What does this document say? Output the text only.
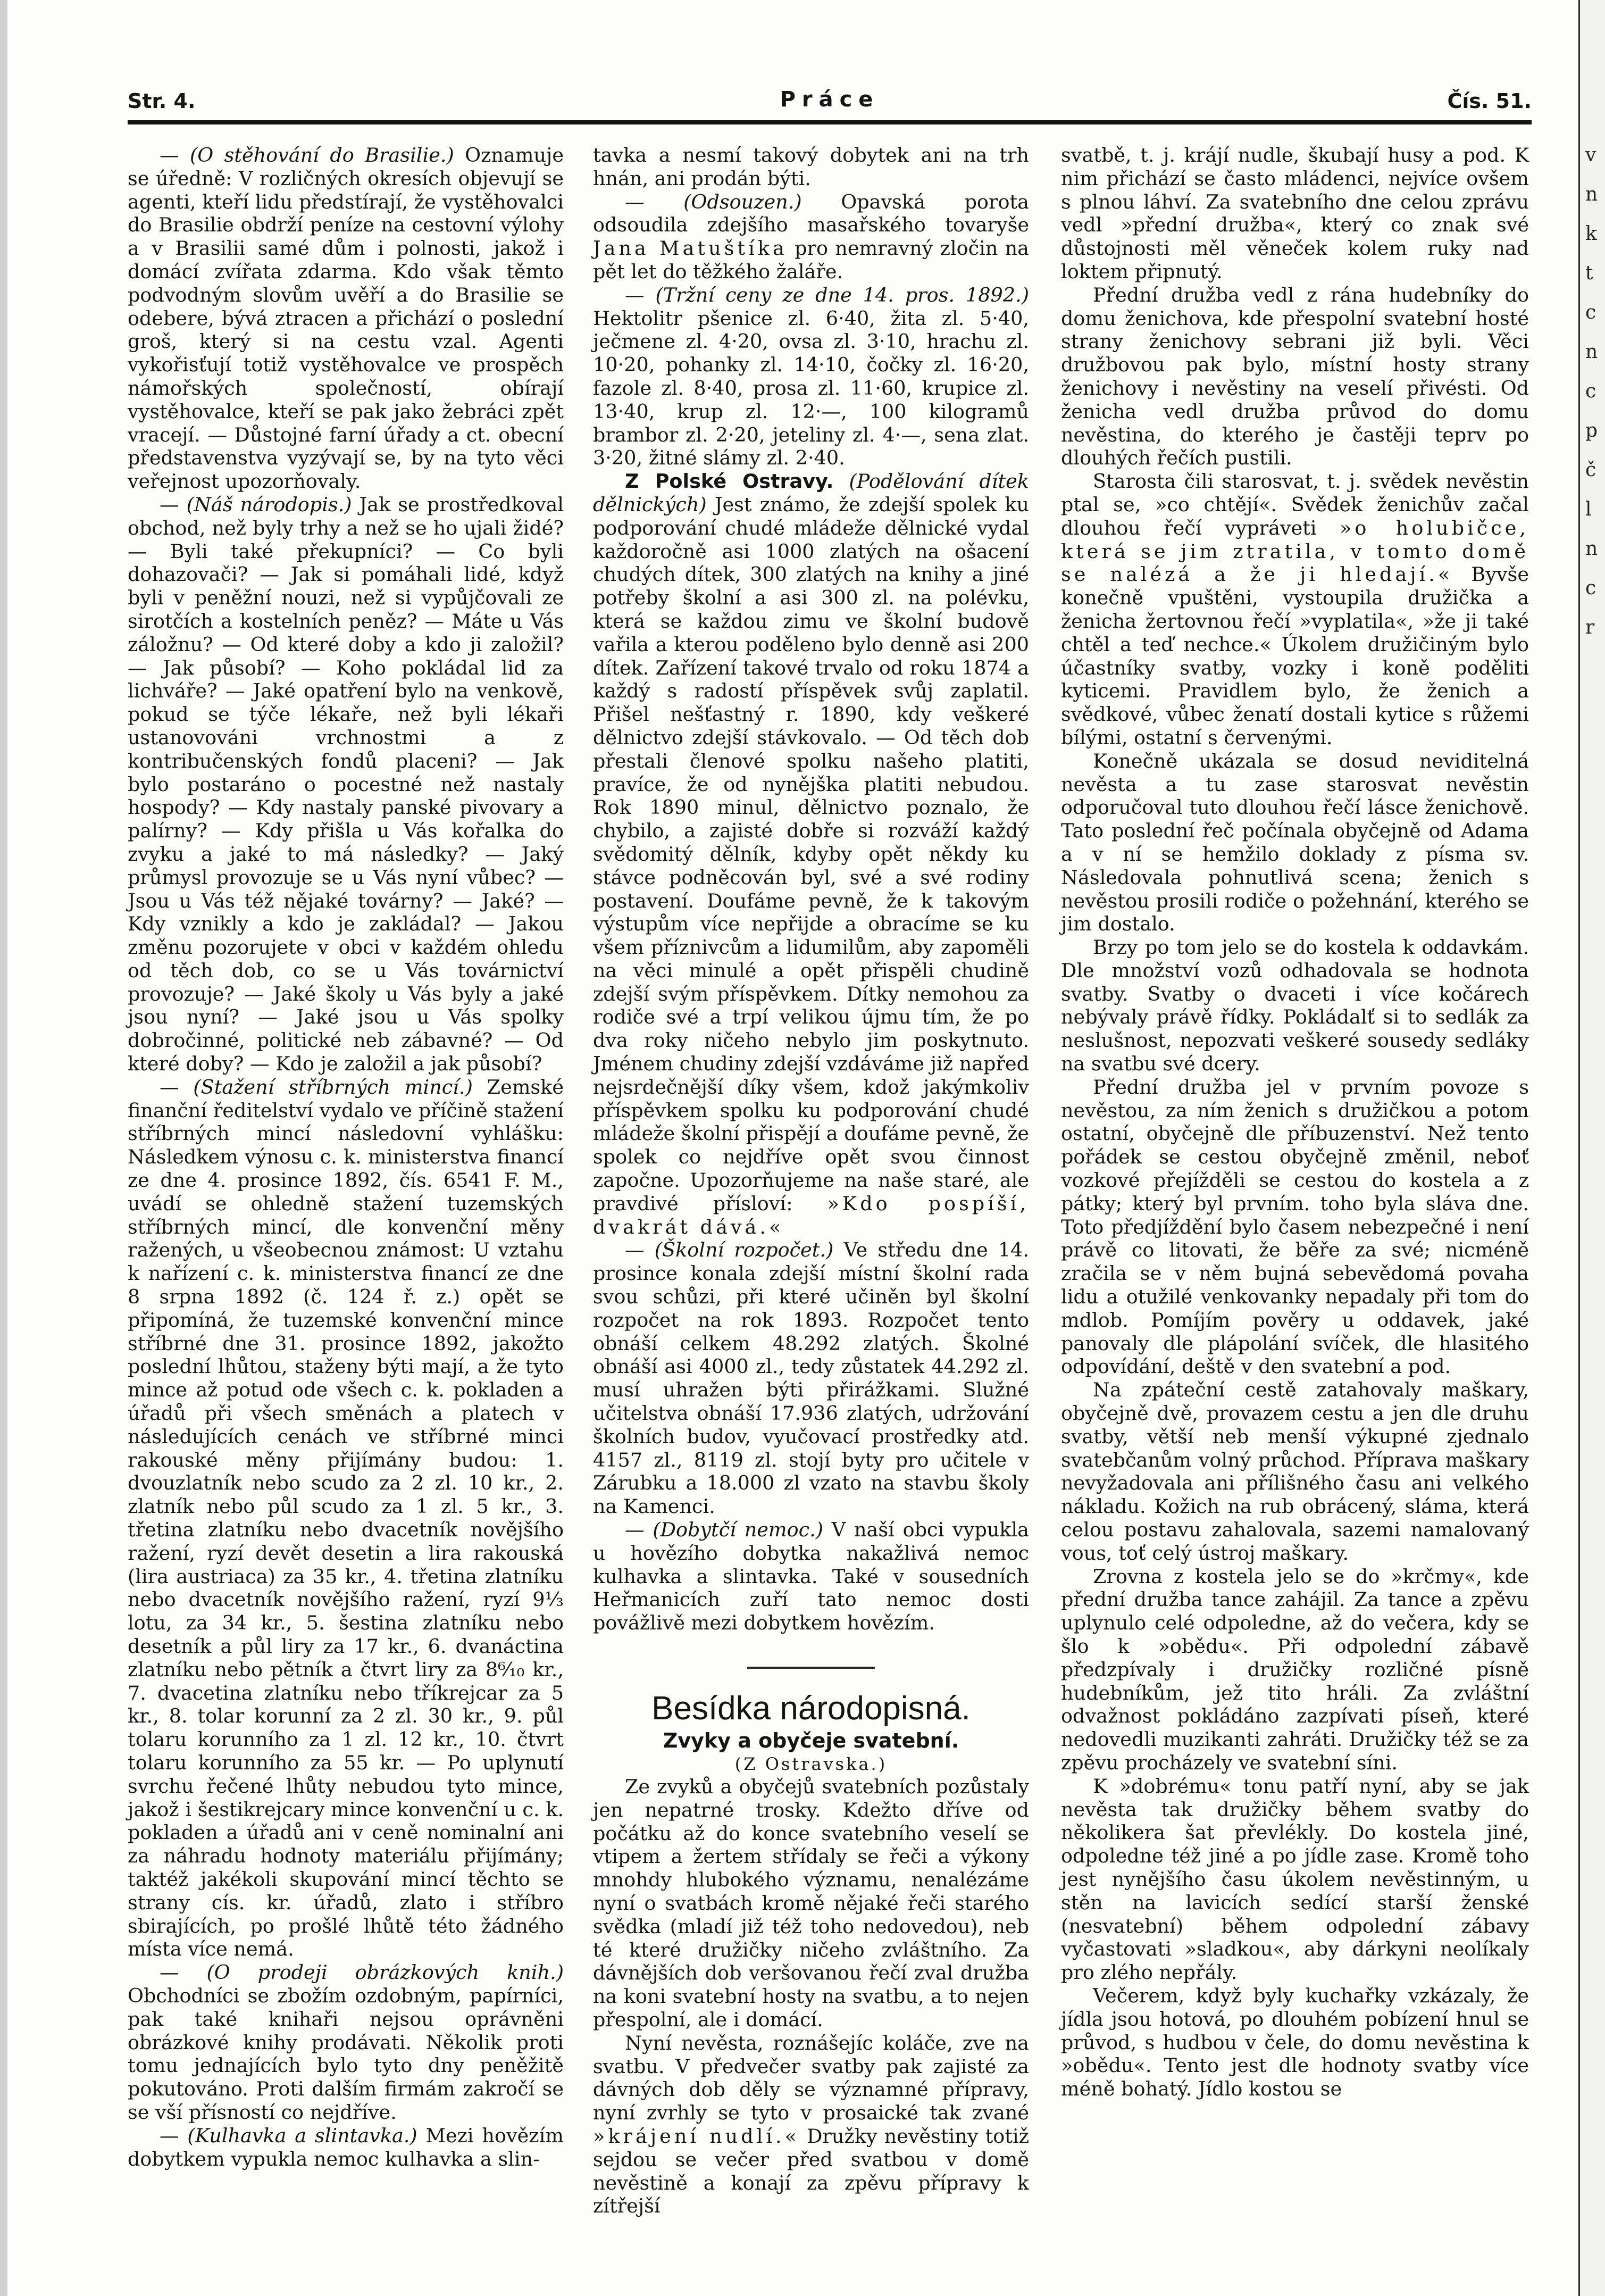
v n k t c n c p č l n c r
Str. 4.	Práce	Čís. 51.

— (O stěhování do Brasilie.) Oznamuje se úředně: V rozličných okresích objevují se agenti, kteří lidu předstírají, že vystěhovalci do Brasilie obdrží peníze na cestovní výlohy a v Brasilii samé dům i polnosti, jakož i domácí zvířata zdarma. Kdo však těmto podvodným slovům uvěří a do Brasilie se odebere, bývá ztracen a přichází o poslední groš, který si na cestu vzal. Agenti vykořisťují totiž vystěhovalce ve prospěch námořských společností, obírají vystěhovalce, kteří se pak jako žebráci zpět vracejí. — Důstojné farní úřady a ct. obecní představenstva vyzývají se, by na tyto věci veřejnost upozorňovaly.

— (Náš národopis.) Jak se prostředkoval obchod, než byly trhy a než se ho ujali židé? — Byli také překupníci? — Co byli dohazovači? — Jak si pomáhali lidé, když byli v peněžní nouzi, než si vypůjčovali ze sirotčích a kostelních peněz? — Máte u Vás záložnu? — Od které doby a kdo ji založil? — Jak působí? — Koho pokládal lid za lichváře? — Jaké opatření bylo na venkově, pokud se týče lékaře, než byli lékaři ustanovováni vrchnostmi a z kontribučenských fondů placeni? — Jak bylo postaráno o pocestné než nastaly hospody? — Kdy nastaly panské pivovary a palírny? — Kdy přišla u Vás kořalka do zvyku a jaké to má následky? — Jaký průmysl provozuje se u Vás nyní vůbec? — Jsou u Vás též nějaké továrny? — Jaké? — Kdy vznikly a kdo je zakládal? — Jakou změnu pozorujete v obci v každém ohledu od těch dob, co se u Vás továrnictví provozuje? — Jaké školy u Vás byly a jaké jsou nyní? — Jaké jsou u Vás spolky dobročinné, politické neb zábavné? — Od které doby? — Kdo je založil a jak působí?

— (Stažení stříbrných mincí.) Zemské finanční ředitelství vydalo ve příčině stažení stříbrných mincí následovní vyhlášku: Následkem výnosu c. k. ministerstva financí ze dne 4. prosince 1892, čís. 6541 F. M., uvádí se ohledně stažení tuzemských stříbrných mincí, dle konvenční měny ražených, u všeobecnou známost: U vztahu k nařízení c. k. ministerstva financí ze dne 8 srpna 1892 (č. 124 ř. z.) opět se připomíná, že tuzemské konvenční mince stříbrné dne 31. prosince 1892, jakožto poslední lhůtou, staženy býti mají, a že tyto mince až potud ode všech c. k. pokladen a úřadů při všech směnách a platech v následujících cenách ve stříbrné minci rakouské měny přijímány budou: 1. dvouzlatník nebo scudo za 2 zl. 10 kr., 2. zlatník nebo půl scudo za 1 zl. 5 kr., 3. třetina zlatníku nebo dvacetník novějšího ražení, ryzí devět desetin a lira rakouská (lira austriaca) za 35 kr., 4. třetina zlatníku nebo dvacetník novějšího ražení, ryzí 9⅓ lotu, za 34 kr., 5. šestina zlatníku nebo desetník a půl liry za 17 kr., 6. dvanáctina zlatníku nebo pětník a čtvrt liry za 8⁶⁄₁₀ kr., 7. dvacetina zlatníku nebo tříkrejcar za 5 kr., 8. tolar korunní za 2 zl. 30 kr., 9. půl tolaru korunního za 1 zl. 12 kr., 10. čtvrt tolaru korunního za 55 kr. — Po uplynutí svrchu řečené lhůty nebudou tyto mince, jakož i šestikrejcary mince konvenční u c. k. pokladen a úřadů ani v ceně nominalní ani za náhradu hodnoty materiálu přijímány; taktéž jakékoli skupování mincí těchto se strany cís. kr. úřadů, zlato i stříbro sbirajících, po prošlé lhůtě této žádného místa více nemá.

— (O prodeji obrázkových knih.) Obchodníci se zbožím ozdobným, papírníci, pak také knihaři nejsou oprávněni obrázkové knihy prodávati. Několik proti tomu jednajících bylo tyto dny peněžitě pokutováno. Proti dalším firmám zakročí se se vší přísností co nejdříve.

— (Kulhavka a slintavka.) Mezi hovězím dobytkem vypukla nemoc kulhavka a slin-

tavka a nesmí takový dobytek ani na trh hnán, ani prodán býti.

— (Odsouzen.) Opavská porota odsoudila zdejšího masařského tovaryše Jana Matuštíka pro nemravný zločin na pět let do těžkého žaláře.

— (Tržní ceny ze dne 14. pros. 1892.) Hektolitr pšenice zl. 6·40, žita zl. 5·40, ječmene zl. 4·20, ovsa zl. 3·10, hrachu zl. 10·20, pohanky zl. 14·10, čočky zl. 16·20, fazole zl. 8·40, prosa zl. 11·60, krupice zl. 13·40, krup zl. 12·—, 100 kilogramů brambor zl. 2·20, jeteliny zl. 4·—, sena zlat. 3·20, žitné slámy zl. 2·40.

Z Polské Ostravy. (Podělování dítek dělnických) Jest známo, že zdejší spolek ku podporování chudé mládeže dělnické vydal každoročně asi 1000 zlatých na ošacení chudých dítek, 300 zlatých na knihy a jiné potřeby školní a asi 300 zl. na polévku, která se každou zimu ve školní budově vařila a kterou poděleno bylo denně asi 200 dítek. Zařízení takové trvalo od roku 1874 a každý s radostí příspěvek svůj zaplatil. Přišel nešťastný r. 1890, kdy veškeré dělnictvo zdejší stávkovalo. — Od těch dob přestali členové spolku našeho platiti, pravíce, že od nynějška platiti nebudou. Rok 1890 minul, dělnictvo poznalo, že chybilo, a zajisté dobře si rozváží každý svědomitý dělník, kdyby opět někdy ku stávce podněcován byl, své a své rodiny postavení. Doufáme pevně, že k takovým výstupům více nepřijde a obracíme se ku všem příznivcům a lidumilům, aby zapoměli na věci minulé a opět přispěli chudině zdejší svým příspěvkem. Dítky nemohou za rodiče své a trpí velikou újmu tím, že po dva roky ničeho nebylo jim poskytnuto. Jménem chudiny zdejší vzdáváme již napřed nejsrdečnější díky všem, kdož jakýmkoliv příspěvkem spolku ku podporování chudé mládeže školní přispějí a doufáme pevně, že spolek co nejdříve opět svou činnost započne. Upozorňujeme na naše staré, ale pravdivé přísloví: »Kdo pospíší, dvakrát dává.«

— (Školní rozpočet.) Ve středu dne 14. prosince konala zdejší místní školní rada svou schůzi, při které učiněn byl školní rozpočet na rok 1893. Rozpočet tento obnáší celkem 48.292 zlatých. Školné obnáší asi 4000 zl., tedy zůstatek 44.292 zl. musí uhražen býti přirážkami. Služné učitelstva obnáší 17.936 zlatých, udržování školních budov, vyučovací prostředky atd. 4157 zl., 8119 zl. stojí byty pro učitele v Zárubku a 18.000 zl vzato na stavbu školy na Kamenci.

— (Dobytčí nemoc.) V naší obci vypukla u hovězího dobytka nakažlivá nemoc kulhavka a slintavka. Také v sousedních Heřmanicích zuří tato nemoc dosti povážlivě mezi dobytkem hovězím.

Besídka národopisná.

Zvyky a obyčeje svatební.

(Z Ostravska.)

Ze zvyků a obyčejů svatebních pozůstaly jen nepatrné trosky. Kdežto dříve od počátku až do konce svatebního veselí se vtipem a žertem střídaly se řeči a výkony mnohdy hlubokého významu, nenalézáme nyní o svatbách kromě nějaké řeči starého svědka (mladí již též toho nedovedou), neb té které družičky ničeho zvláštního. Za dávnějších dob veršovanou řečí zval družba na koni svatební hosty na svatbu, a to nejen přespolní, ale i domácí.

Nyní nevěsta, roznášejíc koláče, zve na svatbu. V předvečer svatby pak zajisté za dávných dob děly se významné přípravy, nyní zvrhly se tyto v prosaické tak zvané »krájení nudlí.« Družky nevěstiny totiž sejdou se večer před svatbou v domě nevěstině a konají za zpěvu přípravy k zítřejší

svatbě, t. j. krájí nudle, škubají husy a pod. K nim přichází se často mládenci, nejvíce ovšem s plnou láhví. Za svatebního dne celou zprávu vedl »přední družba«, který co znak své důstojnosti měl věneček kolem ruky nad loktem připnutý.

Přední družba vedl z rána hudebníky do domu ženichova, kde přespolní svatební hosté strany ženichovy sebrani již byli. Věci družbovou pak bylo, místní hosty strany ženichovy i nevěstiny na veselí přivésti. Od ženicha vedl družba průvod do domu nevěstina, do kterého je častěji teprv po dlouhých řečích pustili.

Starosta čili starosvat, t. j. svědek nevěstin ptal se, »co chtějí«. Svědek ženichův začal dlouhou řečí vypráveti »o holubičce, která se jim ztratila, v tomto domě se nalézá a že ji hledají.« Byvše konečně vpuštěni, vystoupila družička a ženicha žertovnou řečí »vyplatila«, »že ji také chtěl a teď nechce.« Úkolem družičiným bylo účastníky svatby, vozky i koně poděliti kyticemi. Pravidlem bylo, že ženich a svědkové, vůbec ženatí dostali kytice s růžemi bílými, ostatní s červenými.

Konečně ukázala se dosud neviditelná nevěsta a tu zase starosvat nevěstin odporučoval tuto dlouhou řečí lásce ženichově. Tato poslední řeč počínala obyčejně od Adama a v ní se hemžilo doklady z písma sv. Následovala pohnutlivá scena; ženich s nevěstou prosili rodiče o požehnání, kterého se jim dostalo.

Brzy po tom jelo se do kostela k oddavkám. Dle množství vozů odhadovala se hodnota svatby. Svatby o dvaceti i více kočárech nebývaly právě řídky. Pokládalť si to sedlák za neslušnost, nepozvati veškeré sousedy sedláky na svatbu své dcery.

Přední družba jel v prvním povoze s nevěstou, za ním ženich s družičkou a potom ostatní, obyčejně dle příbuzenství. Než tento pořádek se cestou obyčejně změnil, neboť vozkové přejížděli se cestou do kostela a z pátky; který byl prvním. toho byla sláva dne. Toto předjíždění bylo časem nebezpečné i není právě co litovati, že běře za své; nicméně zračila se v něm bujná sebevědomá povaha lidu a otužilé venkovanky nepadaly při tom do mdlob. Pomíjím pověry u oddavek, jaké panovaly dle plápolání svíček, dle hlasitého odpovídání, deště v den svatební a pod.

Na zpáteční cestě zatahovaly maškary, obyčejně dvě, provazem cestu a jen dle druhu svatby, větší neb menší výkupné zjednalo svatebčanům volný průchod. Příprava maškary nevyžadovala ani přílišného času ani velkého nákladu. Kožich na rub obrácený, sláma, která celou postavu zahalovala, sazemi namalovaný vous, toť celý ústroj maškary.

Zrovna z kostela jelo se do »krčmy«, kde přední družba tance zahájil. Za tance a zpěvu uplynulo celé odpoledne, až do večera, kdy se šlo k »obědu«. Při odpolední zábavě předzpívaly i družičky rozličné písně hudebníkům, jež tito hráli. Za zvláštní odvažnost pokládáno zazpívati píseň, které nedovedli muzikanti zahráti. Družičky též se za zpěvu procházely ve svatební síni.

K »dobrému« tonu patří nyní, aby se jak nevěsta tak družičky během svatby do několikera šat převlékly. Do kostela jiné, odpoledne též jiné a po jídle zase. Kromě toho jest nynějšího času úkolem nevěstinným, u stěn na lavicích sedící starší ženské (nesvatební) během odpolední zábavy vyčastovati »sladkou«, aby dárkyni neolíkaly pro zlého nepřály.

Večerem, když byly kuchařky vzkázaly, že jídla jsou hotová, po dlouhém pobízení hnul se průvod, s hudbou v čele, do domu nevěstina k »obědu«. Tento jest dle hodnoty svatby více méně bohatý. Jídlo kostou se
